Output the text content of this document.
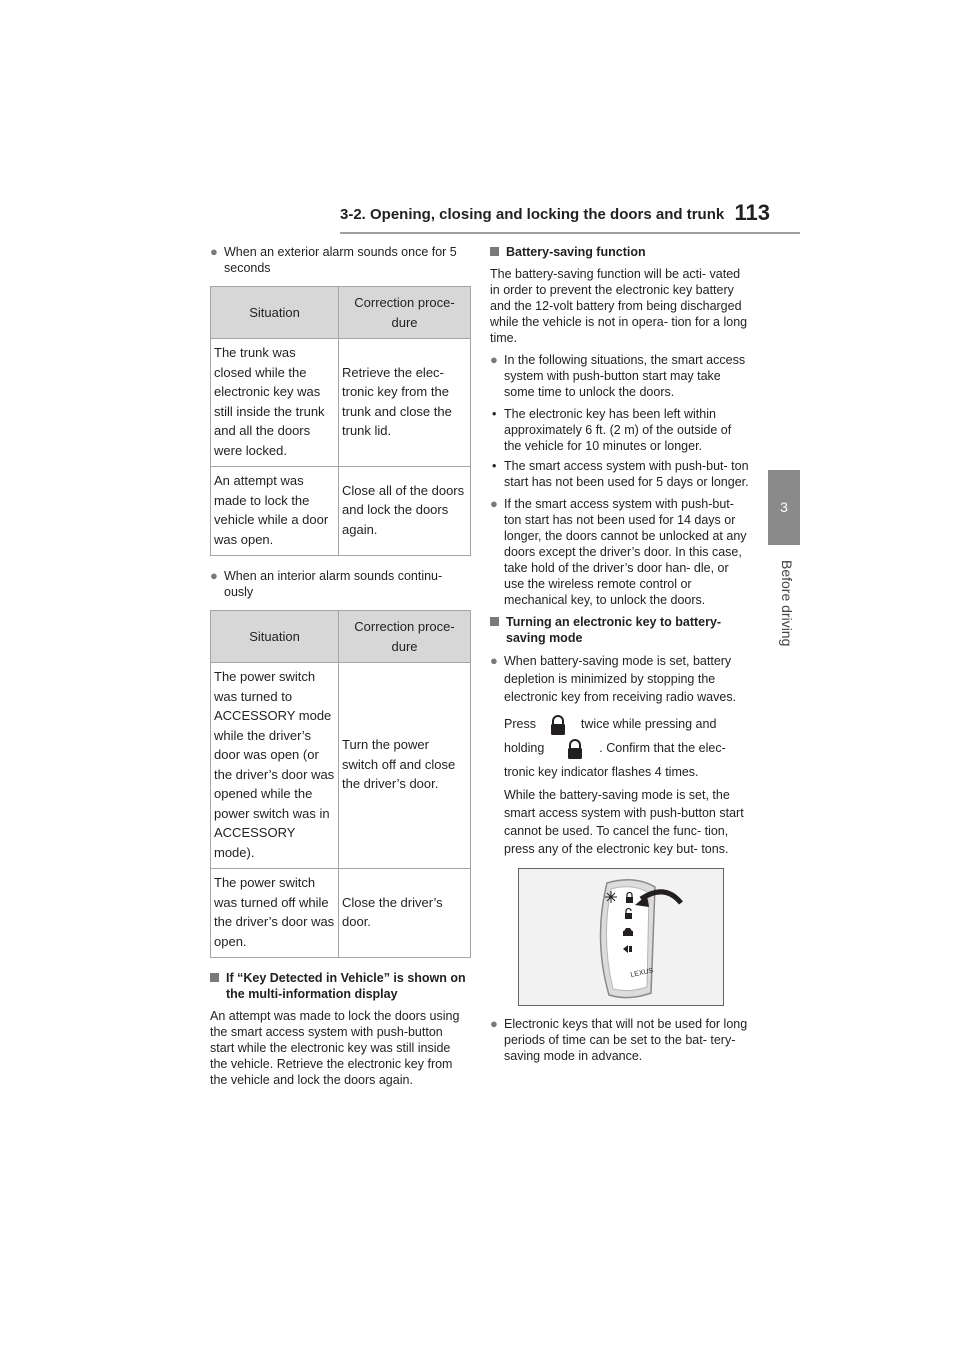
3-2. Opening, closing and locking the doors and trunk 113
3
Before driving

● When an exterior alarm sounds once for 5 seconds

Situation	Correction proce- dure
The trunk was closed while the electronic key was still inside the trunk and all the doors were locked.	Retrieve the elec- tronic key from the trunk and close the trunk lid.
An attempt was made to lock the vehicle while a door was open.	Close all of the doors and lock the doors again.

● When an interior alarm sounds continu- ously

Situation	Correction proce- dure
The power switch was turned to ACCESSORY mode while the driver’s door was open (or the driver’s door was opened while the power switch was in ACCESSORY mode).	Turn the power switch off and close the driver’s door.
The power switch was turned off while the driver’s door was open.	Close the driver’s door.

If “Key Detected in Vehicle” is shown on the multi-information display

An attempt was made to lock the doors using the smart access system with push-button start while the electronic key was still inside the vehicle. Retrieve the electronic key from the vehicle and lock the doors again.

Battery-saving function

The battery-saving function will be acti- vated in order to prevent the electronic key battery and the 12-volt battery from being discharged while the vehicle is not in opera- tion for a long time.

● In the following situations, the smart access system with push-button start may take some time to unlock the doors.

• The electronic key has been left within approximately 6 ft. (2 m) of the outside of the vehicle for 10 minutes or longer.

• The smart access system with push-but- ton start has not been used for 5 days or longer.

● If the smart access system with push-but- ton start has not been used for 14 days or longer, the doors cannot be unlocked at any doors except the driver’s door. In this case, take hold of the driver’s door han- dle, or use the wireless remote control or mechanical key, to unlock the doors.

Turning an electronic key to battery- saving mode

● When battery-saving mode is set, battery depletion is minimized by stopping the electronic key from receiving radio waves.

Press	twice while pressing and
holding	. Confirm that the elec- tronic key indicator flashes 4 times.
While the battery-saving mode is set, the smart access system with push-button start cannot be used. To cancel the func- tion, press any of the electronic key but- tons.
LEXUS

● Electronic keys that will not be used for long periods of time can be set to the bat- tery-saving mode in advance.
